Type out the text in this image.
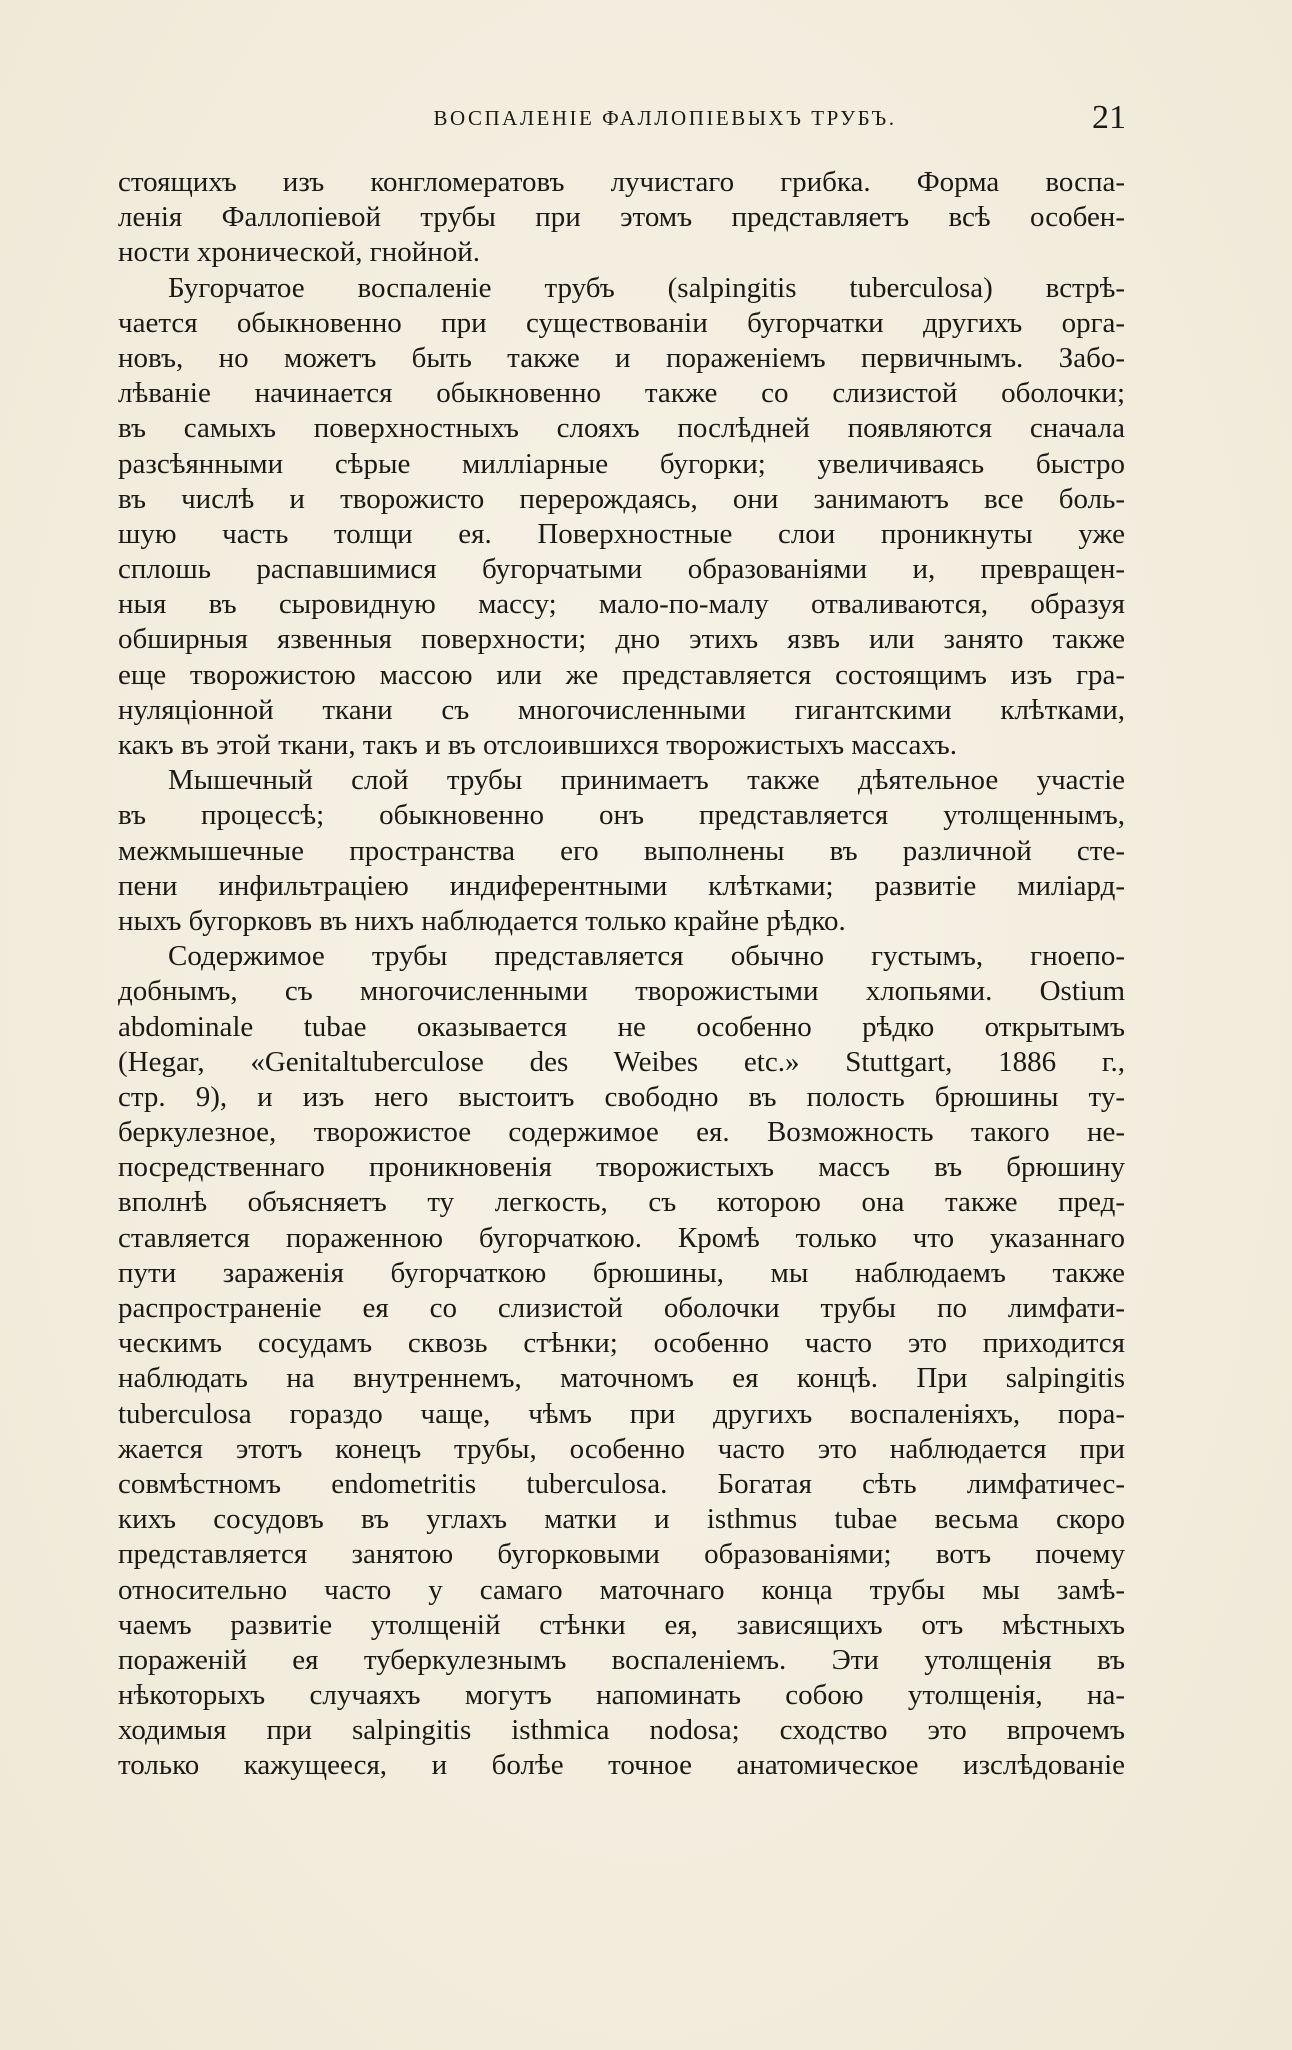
ВОСПАЛЕНIЕ ФАЛЛОПIЕВЫХЪ ТРУБЪ.	21
стоящихъ изъ конгломератовъ лучистаго грибка. Форма воспа-
ленія Фаллопіевой трубы при этомъ представляетъ всѣ особен-
ности хронической, гнойной.
Бугорчатое воспаленіе трубъ (salpingitis tuberculosa) встрѣ-
чается обыкновенно при существованіи бугорчатки другихъ орга-
новъ, но можетъ быть также и пораженіемъ первичнымъ. Забо-
лѣваніе начинается обыкновенно также со слизистой оболочки;
въ самыхъ поверхностныхъ слояхъ послѣдней появляются сначала
разсѣянными сѣрые милліарные бугорки; увеличиваясь быстро
въ числѣ и творожисто перерождаясь, они занимаютъ все боль-
шую часть толщи ея. Поверхностные слои проникнуты уже
сплошь распавшимися бугорчатыми образованіями и, превращен-
ныя въ сыровидную массу; мало-по-малу отваливаются, образуя
обширныя язвенныя поверхности; дно этихъ язвъ или занято также
еще творожистою массою или же представляется состоящимъ изъ гра-
нуляціонной ткани съ многочисленными гигантскими клѣтками,
какъ въ этой ткани, такъ и въ отслоившихся творожистыхъ массахъ.
Мышечный слой трубы принимаетъ также дѣятельное участіе
въ процессѣ; обыкновенно онъ представляется утолщеннымъ,
межмышечные пространства его выполнены въ различной сте-
пени инфильтраціею индиферентными клѣтками; развитіе миліард-
ныхъ бугорковъ въ нихъ наблюдается только крайне рѣдко.
Содержимое трубы представляется обычно густымъ, гноепо-
добнымъ, съ многочисленными творожистыми хлопьями. Ostium
abdominale tubae оказывается не особенно рѣдко открытымъ
(Hegar, «Genitaltuberculose des Weibes etc.» Stuttgart, 1886 г.,
стр. 9), и изъ него выстоитъ свободно въ полость брюшины ту-
беркулезное, творожистое содержимое ея. Возможность такого не-
посредственнаго проникновенія творожистыхъ массъ въ брюшину
вполнѣ объясняетъ ту легкость, съ которою она также пред-
ставляется пораженною бугорчаткою. Кромѣ только что указаннаго
пути зараженія бугорчаткою брюшины, мы наблюдаемъ также
распространеніе ея со слизистой оболочки трубы по лимфати-
ческимъ сосудамъ сквозь стѣнки; особенно часто это приходится
наблюдать на внутреннемъ, маточномъ ея концѣ. При salpingitis
tuberculosa гораздо чаще, чѣмъ при другихъ воспаленіяхъ, пора-
жается этотъ конецъ трубы, особенно часто это наблюдается при
совмѣстномъ endometritis tuberculosa. Богатая сѣть лимфатичес-
кихъ сосудовъ въ углахъ матки и isthmus tubae весьма скоро
представляется занятою бугорковыми образованіями; вотъ почему
относительно часто у самаго маточнаго конца трубы мы замѣ-
чаемъ развитіе утолщеній стѣнки ея, зависящихъ отъ мѣстныхъ
пораженій ея туберкулезнымъ воспаленіемъ. Эти утолщенія въ
нѣкоторыхъ случаяхъ могутъ напоминать собою утолщенія, на-
ходимыя при salpingitis isthmica nodosa; сходство это впрочемъ
только кажущееся, и болѣе точное анатомическое изслѣдованіе
